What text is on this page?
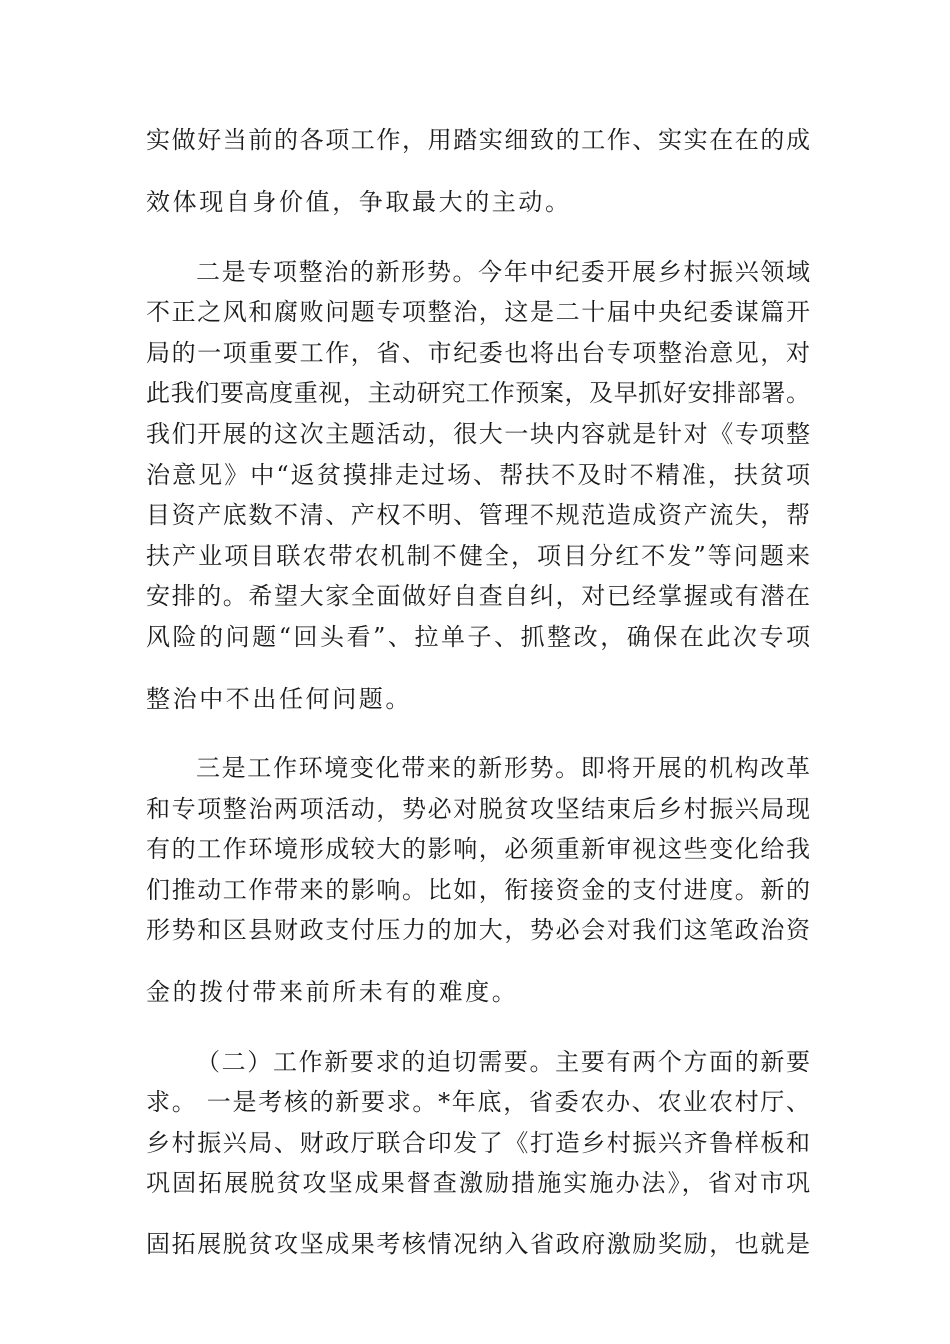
实做好当前的各项工作，用踏实细致的工作、实实在在的成
效体现自身价值，争取最大的主动。
二是专项整治的新形势。今年中纪委开展乡村振兴领域
不正之风和腐败问题专项整治，这是二十届中央纪委谋篇开
局的一项重要工作，省、市纪委也将出台专项整治意见，对
此我们要高度重视，主动研究工作预案，及早抓好安排部署。
我们开展的这次主题活动，很大一块内容就是针对《专项整
治意见》中“返贫摸排走过场、帮扶不及时不精准，扶贫项
目资产底数不清、产权不明、管理不规范造成资产流失，帮
扶产业项目联农带农机制不健全，项目分红不发”等问题来
安排的。希望大家全面做好自查自纠，对已经掌握或有潜在
风险的问题“回头看”、拉单子、抓整改，确保在此次专项
整治中不出任何问题。
三是工作环境变化带来的新形势。即将开展的机构改革
和专项整治两项活动，势必对脱贫攻坚结束后乡村振兴局现
有的工作环境形成较大的影响，必须重新审视这些变化给我
们推动工作带来的影响。比如，衔接资金的支付进度。新的
形势和区县财政支付压力的加大，势必会对我们这笔政治资
金的拨付带来前所未有的难度。
（二）工作新要求的迫切需要。主要有两个方面的新要
求。 一是考核的新要求。*年底，省委农办、农业农村厅、
乡村振兴局、财政厅联合印发了《打造乡村振兴齐鲁样板和
巩固拓展脱贫攻坚成果督查激励措施实施办法》，省对市巩
固拓展脱贫攻坚成果考核情况纳入省政府激励奖励，也就是
